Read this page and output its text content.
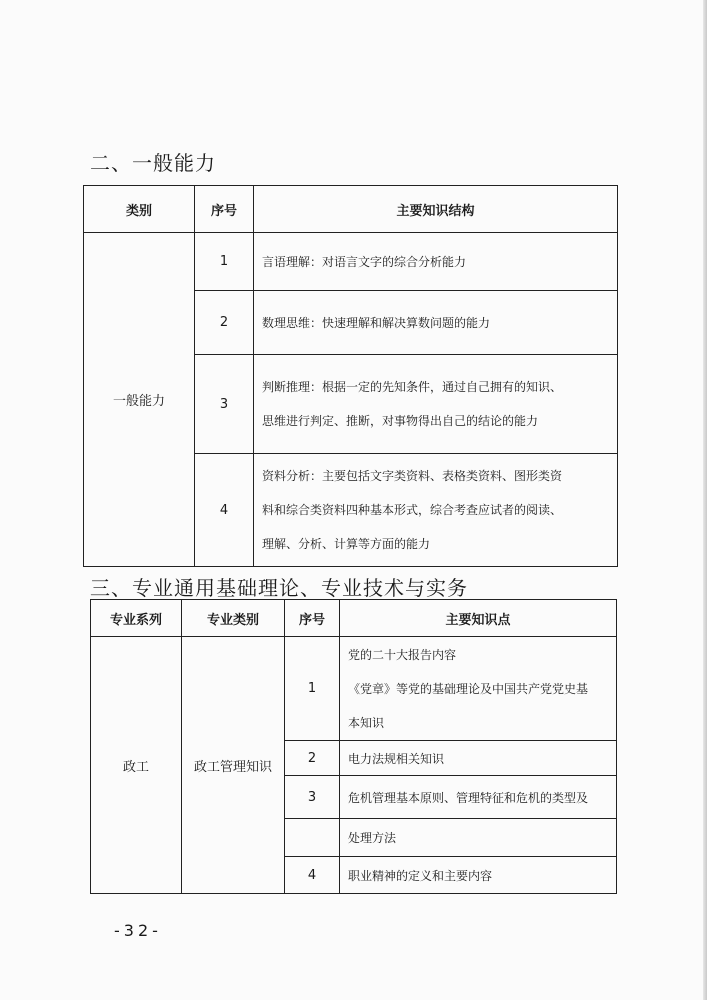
二、一般能力
类别	序号	主要知识结构
一般能力	1	言语理解：对语言文字的综合分析能力
	2	数理思维：快速理解和解决算数问题的能力
	3	判断推理：根据一定的先知条件，通过自己拥有的知识、
思维进行判定、推断，对事物得出自己的结论的能力

	4	资料分析：主要包括文字类资料、表格类资料、图形类资
料和综合类资料四种基本形式，综合考查应试者的阅读、
理解、分析、计算等方面的能力
三、专业通用基础理论、专业技术与实务
专业系列	专业类别	序号	主要知识点
政工	政工管理知识	1	党的二十大报告内容
《党章》等党的基础理论及中国共产党党史基
本知识

		2	电力法规相关知识
		3	危机管理基本原则、管理特征和危机的类型及
			处理方法
		4	职业精神的定义和主要内容
-32-
